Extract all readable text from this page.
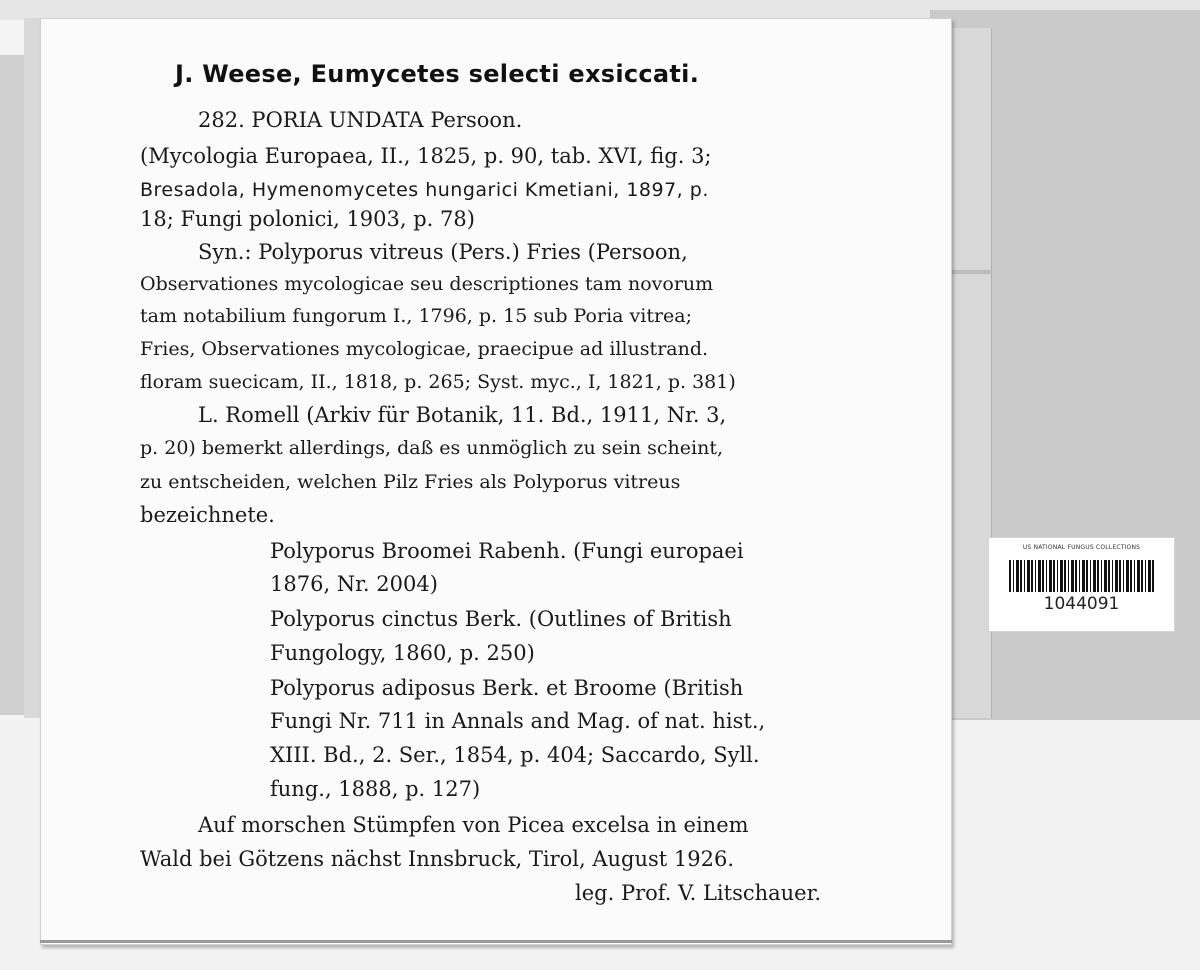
J. Weese, Eumycetes selecti exsiccati.
282. PORIA UNDATA Persoon.
(Mycologia Europaea, II., 1825, p. 90, tab. XVI, fig. 3;
Bresadola, Hymenomycetes hungarici Kmetiani, 1897, p.
18; Fungi polonici, 1903, p. 78)
Syn.: Polyporus vitreus (Pers.) Fries (Persoon,
Observationes mycologicae seu descriptiones tam novorum
tam notabilium fungorum I., 1796, p. 15 sub Poria vitrea;
Fries, Observationes mycologicae, praecipue ad illustrand.
floram suecicam, II., 1818, p. 265; Syst. myc., I, 1821, p. 381)
L. Romell (Arkiv für Botanik, 11. Bd., 1911, Nr. 3,
p. 20) bemerkt allerdings, daß es unmöglich zu sein scheint,
zu entscheiden, welchen Pilz Fries als Polyporus vitreus
bezeichnete.
Polyporus Broomei Rabenh. (Fungi europaei
1876, Nr. 2004)
Polyporus cinctus Berk. (Outlines of British
Fungology, 1860, p. 250)
Polyporus adiposus Berk. et Broome (British
Fungi Nr. 711 in Annals and Mag. of nat. hist.,
XIII. Bd., 2. Ser., 1854, p. 404; Saccardo, Syll.
fung., 1888, p. 127)
Auf morschen Stümpfen von Picea excelsa in einem
Wald bei Götzens nächst Innsbruck, Tirol, August 1926.
leg. Prof. V. Litschauer.
US NATIONAL FUNGUS COLLECTIONS
1044091
